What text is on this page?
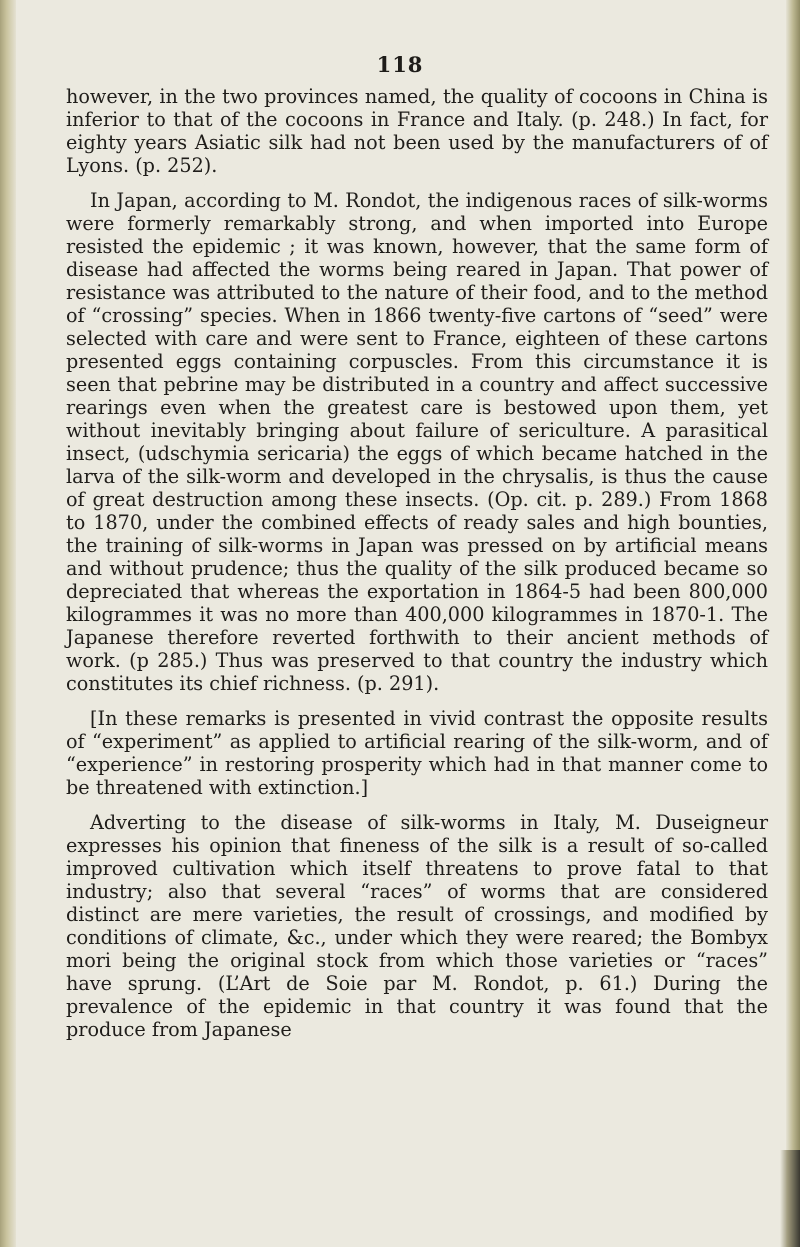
118

however, in the two provinces named, the quality of cocoons in China is inferior to that of the cocoons in France and Italy. (p. 248.) In fact, for eighty years Asiatic silk had not been used by the manufacturers of of Lyons. (p. 252).

In Japan, according to M. Rondot, the indigenous races of silk-worms were formerly remarkably strong, and when imported into Europe resisted the epidemic ; it was known, however, that the same form of disease had affected the worms being reared in Japan. That power of resistance was attributed to the nature of their food, and to the method of “crossing” species. When in 1866 twenty-five cartons of “seed” were selected with care and were sent to France, eighteen of these cartons presented eggs containing corpuscles. From this circumstance it is seen that pebrine may be distributed in a country and affect successive rearings even when the greatest care is bestowed upon them, yet without inevitably bringing about failure of sericulture. A parasitical insect, (udschymia sericaria) the eggs of which became hatched in the larva of the silk-worm and developed in the chrysalis, is thus the cause of great destruction among these insects. (Op. cit. p. 289.) From 1868 to 1870, under the combined effects of ready sales and high bounties, the training of silk-worms in Japan was pressed on by artificial means and without prudence; thus the quality of the silk produced became so depreciated that whereas the exportation in 1864-5 had been 800,000 kilogrammes it was no more than 400,000 kilogrammes in 1870-1. The Japanese therefore reverted forthwith to their ancient methods of work. (p 285.) Thus was preserved to that country the industry which constitutes its chief richness. (p. 291).

[In these remarks is presented in vivid contrast the opposite results of “experiment” as applied to artificial rearing of the silk-worm, and of “experience” in restoring prosperity which had in that manner come to be threatened with extinction.]

Adverting to the disease of silk-worms in Italy, M. Duseigneur expresses his opinion that fineness of the silk is a result of so-called improved cultivation which itself threatens to prove fatal to that industry; also that several “races” of worms that are considered distinct are mere varieties, the result of crossings, and modified by conditions of climate, &c., under which they were reared; the Bombyx mori being the original stock from which those varieties or “races” have sprung. (L’Art de Soie par M. Rondot, p. 61.) During the prevalence of the epidemic in that country it was found that the produce from Japanese
